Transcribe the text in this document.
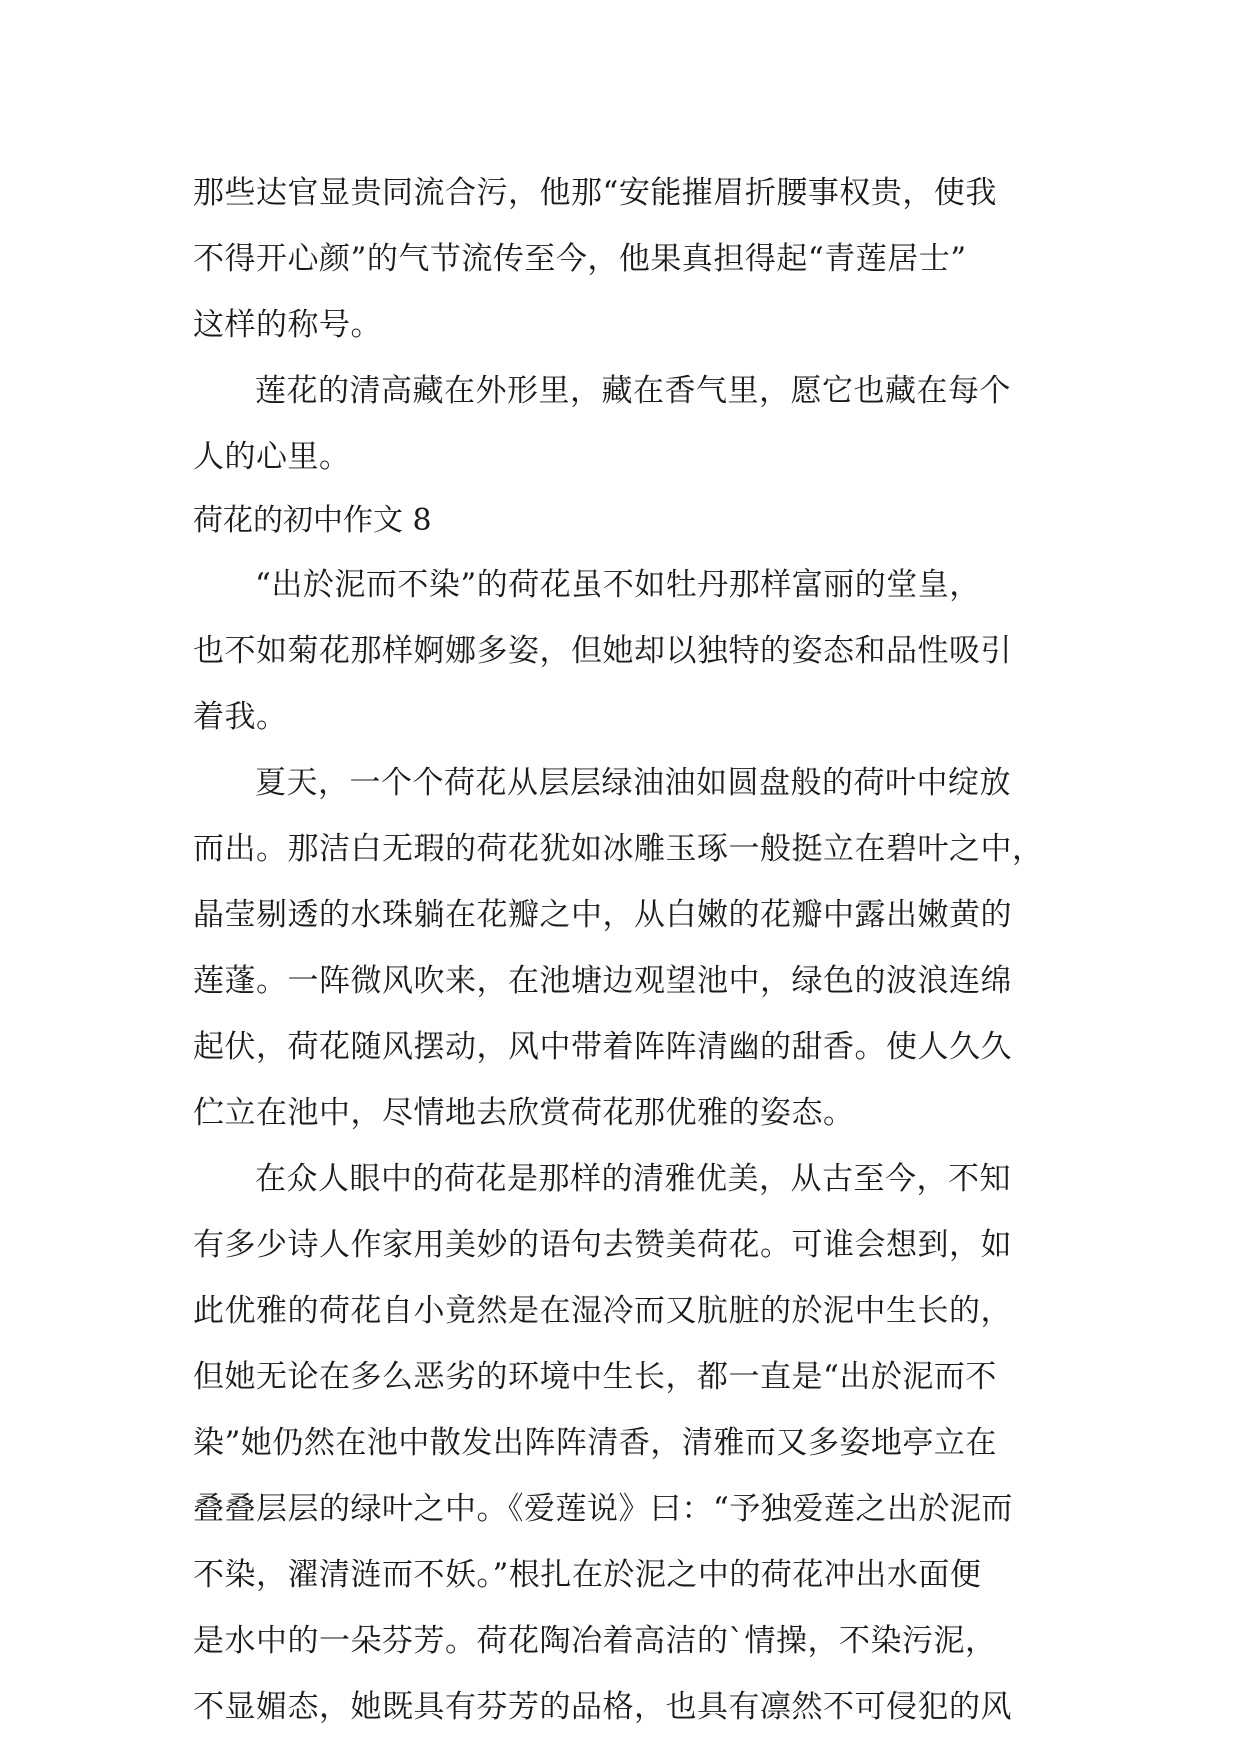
那些达官显贵同流合污，他那“安能摧眉折腰事权贵，使我
不得开心颜”的气节流传至今，他果真担得起“青莲居士”
这样的称号。
莲花的清高藏在外形里，藏在香气里，愿它也藏在每个
人的心里。
荷花的初中作文 8
“出於泥而不染”的荷花虽不如牡丹那样富丽的堂皇，
也不如菊花那样婀娜多姿，但她却以独特的姿态和品性吸引
着我。
夏天，一个个荷花从层层绿油油如圆盘般的荷叶中绽放
而出。那洁白无瑕的荷花犹如冰雕玉琢一般挺立在碧叶之中，
晶莹剔透的水珠躺在花瓣之中，从白嫩的花瓣中露出嫩黄的
莲蓬。一阵微风吹来，在池塘边观望池中，绿色的波浪连绵
起伏，荷花随风摆动，风中带着阵阵清幽的甜香。使人久久
伫立在池中，尽情地去欣赏荷花那优雅的姿态。
在众人眼中的荷花是那样的清雅优美，从古至今，不知
有多少诗人作家用美妙的语句去赞美荷花。可谁会想到，如
此优雅的荷花自小竟然是在湿冷而又肮脏的於泥中生长的，
但她无论在多么恶劣的环境中生长，都一直是“出於泥而不
染”她仍然在池中散发出阵阵清香，清雅而又多姿地亭立在
叠叠层层的绿叶之中。《爱莲说》曰：“予独爱莲之出於泥而
不染，濯清涟而不妖。”根扎在於泥之中的荷花冲出水面便
是水中的一朵芬芳。荷花陶冶着高洁的`情操，不染污泥，
不显媚态，她既具有芬芳的品格，也具有凛然不可侵犯的风
